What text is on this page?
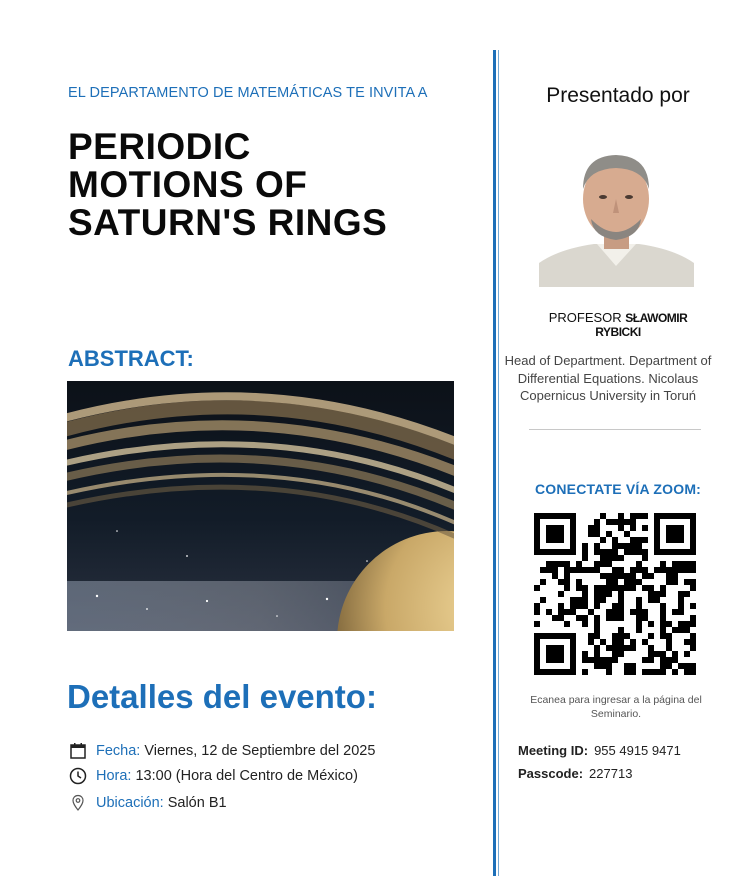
EL DEPARTAMENTO DE MATEMÁTICAS TE INVITA A
PERIODIC
MOTIONS OF
SATURN'S RINGS
ABSTRACT:
Detalles del evento:
Fecha: Viernes, 12 de Septiembre del 2025
Hora: 13:00 (Hora del Centro de México)
Ubicación: Salón B1
Presentado por
PROFESOR SŁAWOMIR
RYBICKI
Head of Department. Department of Differential Equations. Nicolaus Copernicus University in Toruń
CONECTATE VÍA ZOOM:
Ecanea para ingresar a la página del Seminario.
Meeting ID: 955 4915 9471
Passcode: 227713
